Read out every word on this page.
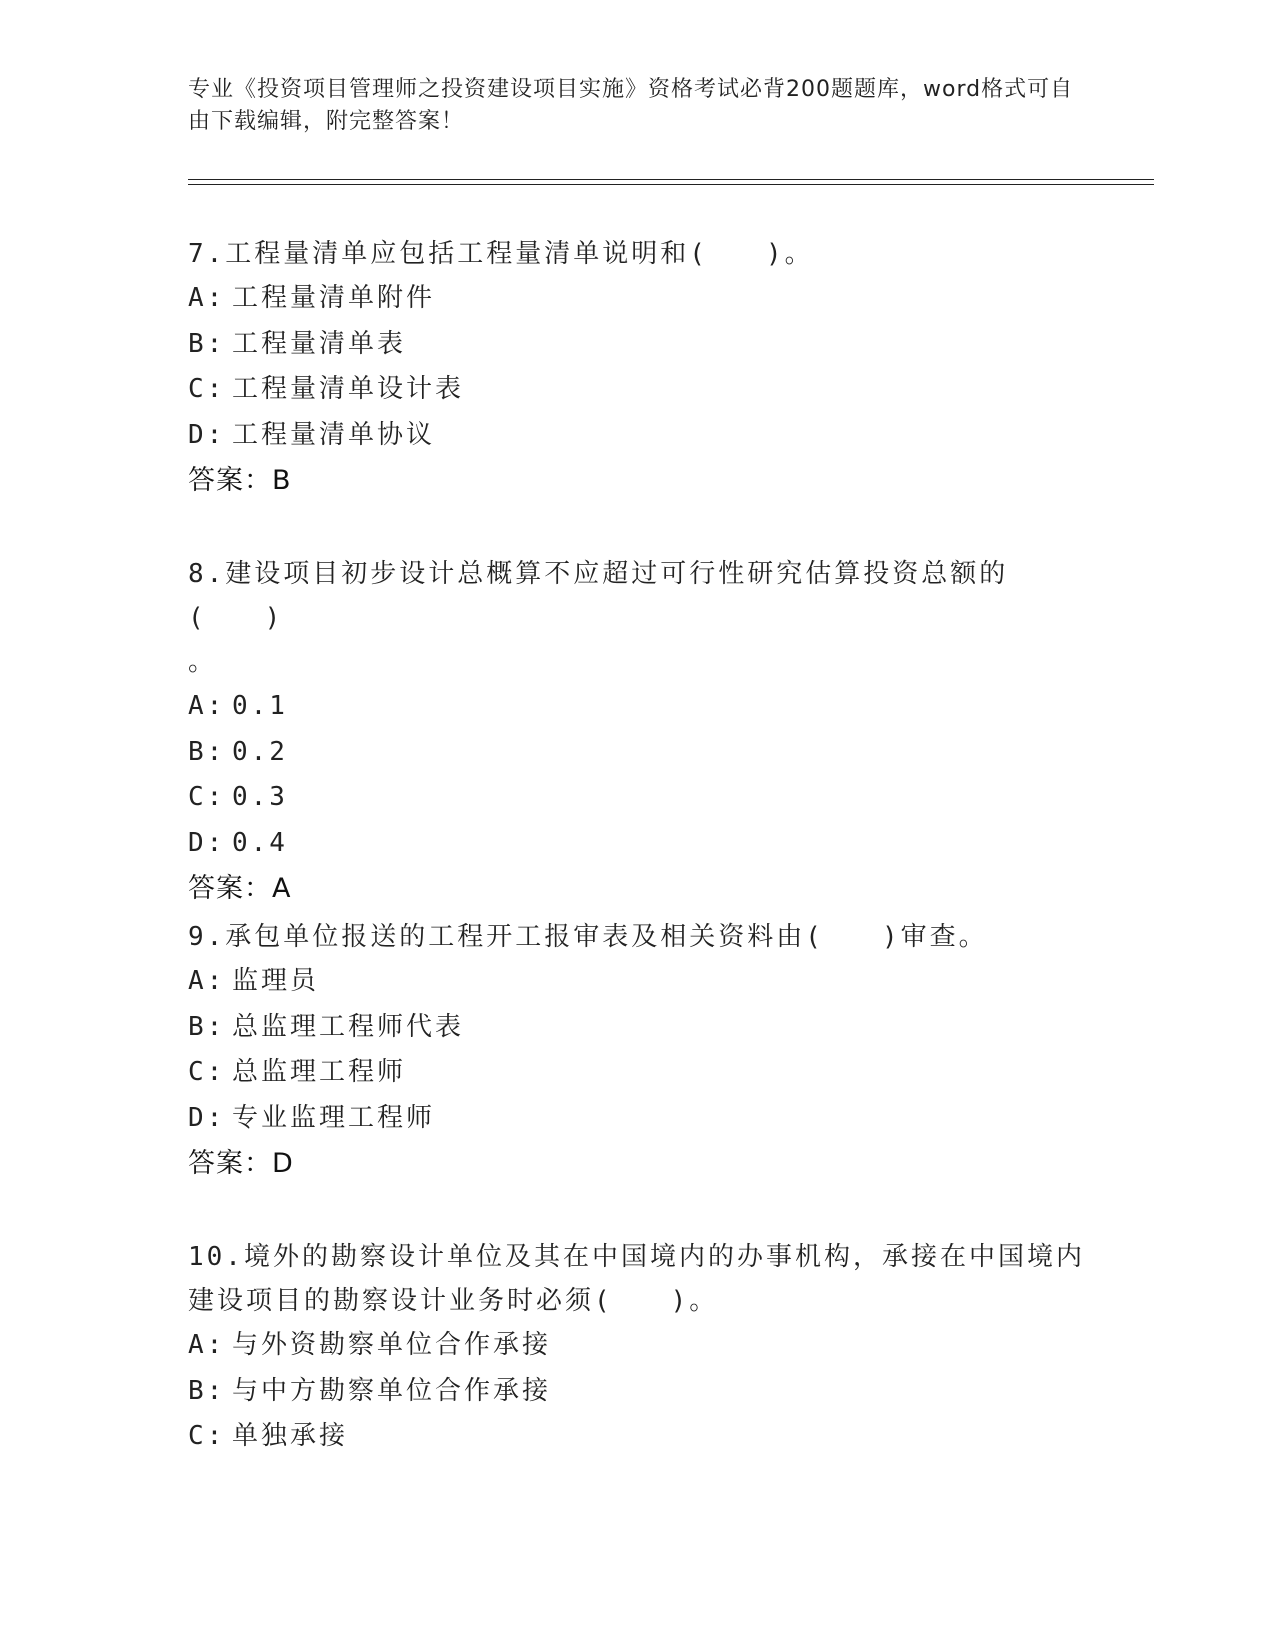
专业《投资项目管理师之投资建设项目实施》资格考试必背200题题库，word格式可自由下载编辑，附完整答案！

7.工程量清单应包括工程量清单说明和(　　)。

A: 工程量清单附件
B: 工程量清单表
C: 工程量清单设计表
D: 工程量清单协议
答案：B

8.建设项目初步设计总概算不应超过可行性研究估算投资总额的(　　)
。

A: 0.1
B: 0.2
C: 0.3
D: 0.4
答案：A

9.承包单位报送的工程开工报审表及相关资料由(　　)审查。

A: 监理员
B: 总监理工程师代表
C: 总监理工程师
D: 专业监理工程师
答案：D

10.境外的勘察设计单位及其在中国境内的办事机构，承接在中国境内
建设项目的勘察设计业务时必须(　　)。

A: 与外资勘察单位合作承接
B: 与中方勘察单位合作承接
C: 单独承接
